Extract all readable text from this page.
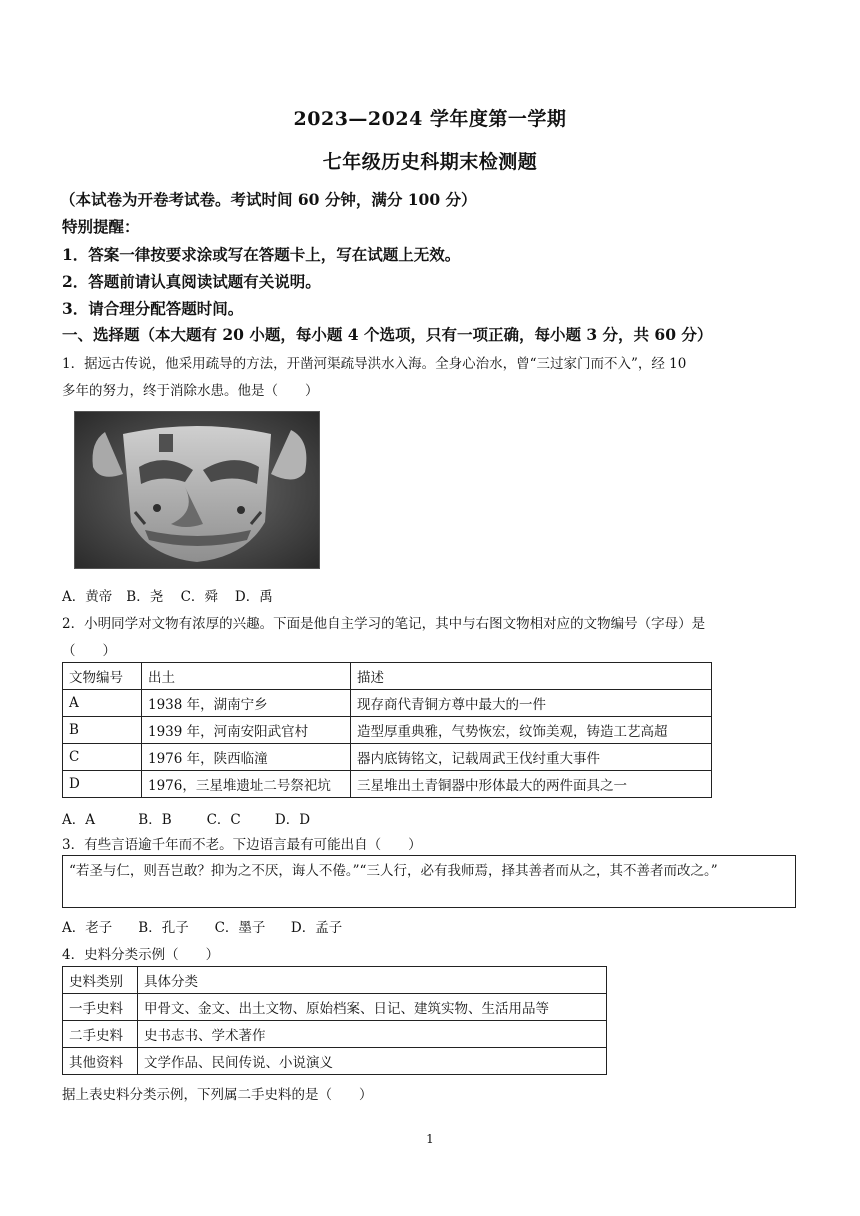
2023—2024 学年度第一学期
七年级历史科期末检测题
（本试卷为开卷考试卷。考试时间 60 分钟，满分 100 分）
特别提醒：
1．答案一律按要求涂或写在答题卡上，写在试题上无效。
2．答题前请认真阅读试题有关说明。
3．请合理分配答题时间。
一、选择题（本大题有 20 小题，每小题 4 个选项，只有一项正确，每小题 3 分，共 60 分）
1．据远古传说，他采用疏导的方法，开凿河渠疏导洪水入海。全身心治水，曾“三过家门而不入”，经 10
多年的努力，终于消除水患。他是（　　）
A．黄帝 B．尧 C．舜 D．禹
2．小明同学对文物有浓厚的兴趣。下面是他自主学习的笔记，其中与右图文物相对应的文物编号（字母）是
（　　）
文物编号	出土	描述
A	1938 年，湖南宁乡	现存商代青铜方尊中最大的一件
B	1939 年，河南安阳武官村	造型厚重典雅，气势恢宏，纹饰美观，铸造工艺高超
C	1976 年，陕西临潼	器内底铸铭文，记载周武王伐纣重大事件
D	1976，三星堆遗址二号祭祀坑	三星堆出土青铜器中形体最大的两件面具之一
A．A	B．B	C．C	D．D
3．有些言语逾千年而不老。下边语言最有可能出自（　　）
“若圣与仁，则吾岂敢？抑为之不厌，诲人不倦。”“三人行，必有我师焉，择其善者而从之，其不善者而改之。”
A．老子 B．孔子 C．墨子 D．孟子
4．史料分类示例（　　）
史料类别	具体分类
一手史料	甲骨文、金文、出土文物、原始档案、日记、建筑实物、生活用品等
二手史料	史书志书、学术著作
其他资料	文学作品、民间传说、小说演义
据上表史料分类示例，下列属二手史料的是（　　）
1
